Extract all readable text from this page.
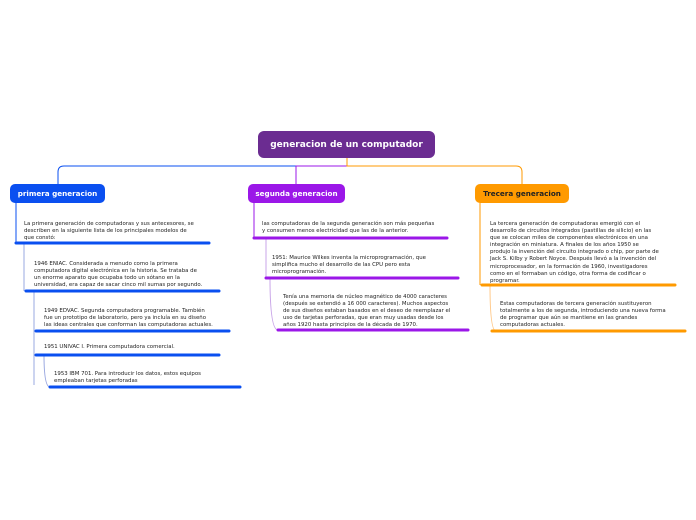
generacion de un computador
primera generacion	segunda generacion	Trecera generacion
La primera generación de computadoras y sus antecesores, se
describen en la siguiente lista de los principales modelos de
que constó:
1946 ENIAC. Considerada a menudo como la primera
computadora digital electrónica en la historia. Se trataba de
un enorme aparato que ocupaba todo un sótano en la
universidad, era capaz de sacar cinco mil sumas por segundo.
1949 EDVAC. Segunda computadora programable. También
fue un prototipo de laboratorio, pero ya incluía en su diseño
las ideas centrales que conforman las computadoras actuales.
1951 UNIVAC I. Primera computadora comercial.
1953 IBM 701. Para introducir los datos, estos equipos
empleaban tarjetas perforadas
las computadoras de la segunda generación son más pequeñas
y consumen menos electricidad que las de la anterior.
1951: Maurice Wilkes inventa la microprogramación, que
simplifica mucho el desarrollo de las CPU pero esta
microprogramación.
Tenía una memoria de núcleo magnético de 4000 caracteres
(después se extendió a 16 000 caracteres). Muchos aspectos
de sus diseños estaban basados en el deseo de reemplazar el
uso de tarjetas perforadas, que eran muy usadas desde los
años 1920 hasta principios de la década de 1970.
La tercera generación de computadoras emergió con el
desarrollo de circuitos integrados (pastillas de silicio) en las
que se colocan miles de componentes electrónicos en una
integración en miniatura. A finales de los años 1950 se
produjo la invención del circuito integrado o chip, por parte de
Jack S. Kilby y Robert Noyce. Después llevó a la invención del
microprocesador, en la formación de 1960, investigadores
como en el formaban un código, otra forma de codificar o
programar.
Estas computadoras de tercera generación sustituyeron
totalmente a los de segunda, introduciendo una nueva forma
de programar que aún se mantiene en las grandes
computadoras actuales.
